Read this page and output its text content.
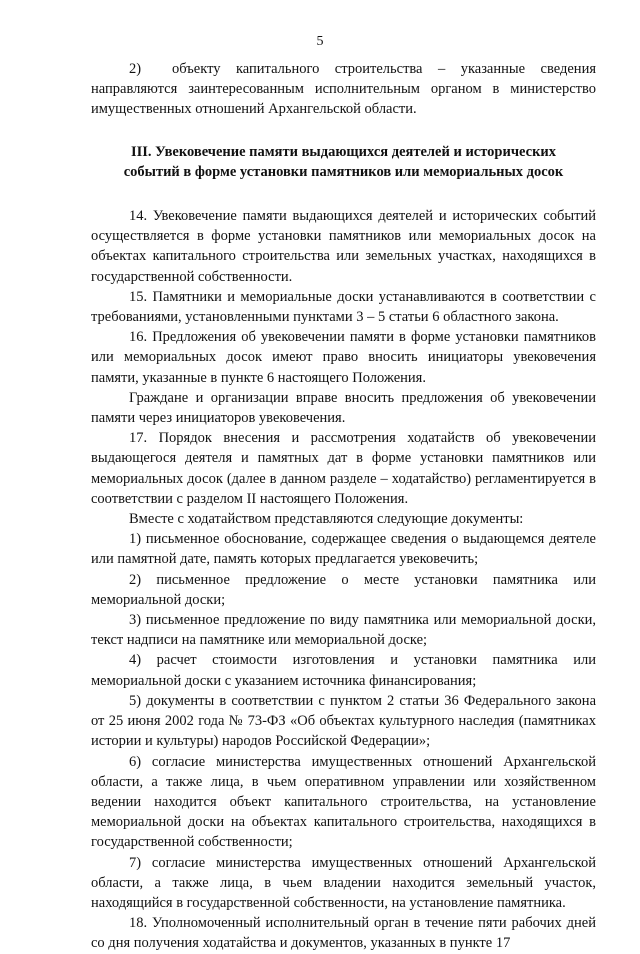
5

2)  объекту капитального строительства – указанные сведения направляются заинтересованным исполнительным органом в министерство имущественных отношений Архангельской области.

III. Увековечение памяти выдающихся деятелей и исторических
событий в форме установки памятников или мемориальных досок

14. Увековечение памяти выдающихся деятелей и исторических событий осуществляется в форме установки памятников или мемориальных досок на объектах капитального строительства или земельных участках, находящихся в государственной собственности.

15. Памятники и мемориальные доски устанавливаются в соответствии с требованиями, установленными пунктами 3 – 5 статьи 6 областного закона.

16. Предложения об увековечении памяти в форме установки памятников или мемориальных досок имеют право вносить инициаторы увековечения памяти, указанные в пункте 6 настоящего Положения.

Граждане и организации вправе вносить предложения об увековечении памяти через инициаторов увековечения.

17. Порядок внесения и рассмотрения ходатайств об увековечении выдающегося деятеля и памятных дат в форме установки памятников или мемориальных досок (далее в данном разделе – ходатайство) регламентируется в соответствии с разделом II настоящего Положения.

Вместе с ходатайством представляются следующие документы:

1) письменное обоснование, содержащее сведения о выдающемся деятеле или памятной дате, память которых предлагается увековечить;

2) письменное предложение о месте установки памятника или мемориальной доски;

3) письменное предложение по виду памятника или мемориальной доски, текст надписи на памятнике или мемориальной доске;

4) расчет стоимости изготовления и установки памятника или мемориальной доски с указанием источника финансирования;

5) документы в соответствии с пунктом 2 статьи 36 Федерального закона от 25 июня 2002 года № 73-ФЗ «Об объектах культурного наследия (памятниках истории и культуры) народов Российской Федерации»;

6) согласие министерства имущественных отношений Архангельской области, а также лица, в чьем оперативном управлении или хозяйственном ведении находится объект капитального строительства, на установление мемориальной доски на объектах капитального строительства, находящихся в государственной собственности;

7) согласие министерства имущественных отношений Архангельской области, а также лица, в чьем владении находится земельный участок, находящийся в государственной собственности, на установление памятника.

18. Уполномоченный исполнительный орган в течение пяти рабочих дней со дня получения ходатайства и документов, указанных в пункте 17
